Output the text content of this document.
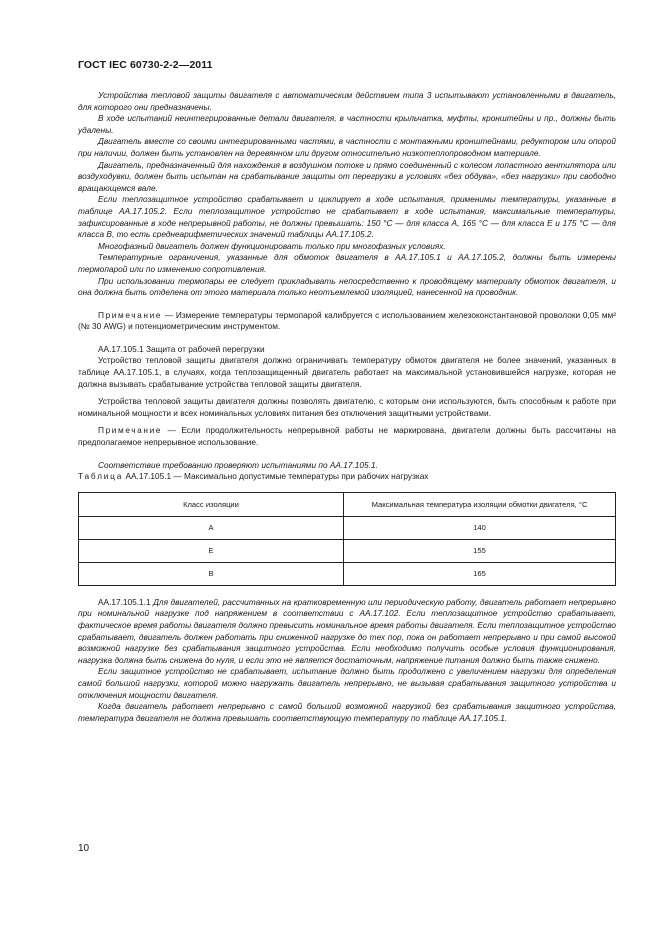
ГОСТ IEC 60730-2-2—2011

Устройства тепловой защиты двигателя с автоматическим действием типа 3 испытывают установленными в двигатель, для которого они предназначены.

В ходе испытаний неинтегрированные детали двигателя, в частности крыльчатка, муфты, кронштейны и пр., должны быть удалены.

Двигатель вместе со своими интегрированными частями, в частности с монтажными кронштейнами, редуктором или опорой при наличии, должен быть установлен на деревянном или другом относительно низкотеплопроводном материале.

Двигатель, предназначенный для нахождения в воздушном потоке и прямо соединенный с колесом лопастного вентилятора или воздуходувки, должен быть испытан на срабатывание защиты от перегрузки в условиях «без обдува», «без нагрузки» при свободно вращающемся вале.

Если теплозащитное устройство срабатывает и циклирует в ходе испытания, применимы температуры, указанные в таблице АА.17.105.2. Если теплозащитное устройство не срабатывает в ходе испытания, максимальные температуры, зафиксированные в ходе непрерывной работы, не должны превышать: 150 °С — для класса А, 165 °С — для класса Е и 175 °С — для класса В, то есть среднеарифметических значений таблицы АА.17.105.2.

Многофазный двигатель должен функционировать только при многофазных условиях.

Температурные ограничения, указанные для обмоток двигателя в АА.17.105.1 и АА.17.105.2, должны быть измерены термопарой или по изменению сопротивления.

При использовании термопары ее следует прикладывать непосредственно к проводящему материалу обмоток двигателя, и она должна быть отделена от этого материала только неотъемлемой изоляцией, нанесенной на проводник.

Примечание — Измерение температуры термопарой калибруется с использованием железоконстантановой проволоки 0,05 мм² (№ 30 AWG) и потенциометрическим инструментом.

АА.17.105.1 Защита от рабочей перегрузки

Устройство тепловой защиты двигателя должно ограничивать температуру обмоток двигателя не более значений, указанных в таблице АА.17.105.1, в случаях, когда теплозащищенный двигатель работает на максимальной установившейся нагрузке, которая не должна вызывать срабатывание устройства тепловой защиты двигателя.

Устройства тепловой защиты двигателя должны позволять двигателю, с которым они используются, быть способным к работе при номинальной мощности и всех номинальных условиях питания без отключения защитными устройствами.

Примечание — Если продолжительность непрерывной работы не маркирована, двигатели должны быть рассчитаны на предполагаемое непрерывное использование.

Соответствие требованию проверяют испытаниями по АА.17.105.1.

Таблица АА.17.105.1 — Максимально допустимые температуры при рабочих нагрузках

Класс изоляции	Максимальная температура изоляции обмотки двигателя, °С
А	140
Е	155
В	165

АА.17.105.1.1 Для двигателей, рассчитанных на кратковременную или периодическую работу, двигатель работает непрерывно при номинальной нагрузке под напряжением в соответствии с АА.17.102. Если теплозащитное устройство срабатывает, фактическое время работы двигателя должно превысить номинальное время работы двигателя. Если теплозащитное устройство срабатывает, двигатель должен работать при сниженной нагрузке до тех пор, пока он работает непрерывно и при самой высокой возможной нагрузке без срабатывания защитного устройства. Если необходимо получить особые условия функционирования, нагрузка должна быть снижена до нуля, и если это не является достаточным, напряжение питания должно быть также снижено.

Если защитное устройство не срабатывает, испытание должно быть продолжено с увеличением нагрузки для определения самой большой нагрузки, которой можно нагружать двигатель непрерывно, не вызывая срабатывания защитного устройства и отключения мощности двигателя.

Когда двигатель работает непрерывно с самой большой возможной нагрузкой без срабатывания защитного устройства, температура двигателя не должна превышать соответствующую температуру по таблице АА.17.105.1.

10
